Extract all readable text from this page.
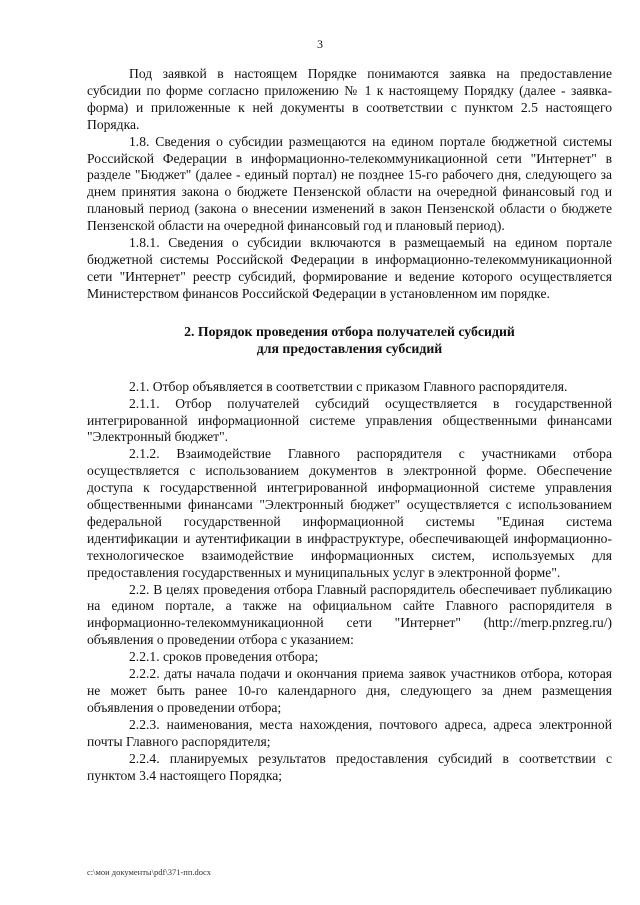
3

Под заявкой в настоящем Порядке понимаются заявка на предоставление субсидии по форме согласно приложению № 1 к настоящему Порядку (далее - заявка-форма) и приложенные к ней документы в соответствии с пунктом 2.5 настоящего Порядка.

1.8. Сведения о субсидии размещаются на едином портале бюджетной системы Российской Федерации в информационно-телекоммуникационной сети "Интернет" в разделе "Бюджет" (далее - единый портал) не позднее 15-го рабочего дня, следующего за днем принятия закона о бюджете Пензенской области на очередной финансовый год и плановый период (закона о внесении изменений в закон Пензенской области о бюджете Пензенской области на очередной финансовый год и плановый период).

1.8.1. Сведения о субсидии включаются в размещаемый на едином портале бюджетной системы Российской Федерации в информационно-телекоммуникационной сети "Интернет" реестр субсидий, формирование и ведение которого осуществляется Министерством финансов Российской Федерации в установленном им порядке.

2. Порядок проведения отбора получателей субсидий

для предоставления субсидий

2.1. Отбор объявляется в соответствии с приказом Главного распорядителя.

2.1.1. Отбор получателей субсидий осуществляется в государственной интегрированной информационной системе управления общественными финансами "Электронный бюджет".

2.1.2. Взаимодействие Главного распорядителя с участниками отбора осуществляется с использованием документов в электронной форме. Обеспечение доступа к государственной интегрированной информационной системе управления общественными финансами "Электронный бюджет" осуществляется с использованием федеральной государственной информационной системы "Единая система идентификации и аутентификации в инфраструктуре, обеспечивающей информационно-технологическое взаимодействие информационных систем, используемых для предоставления государственных и муниципальных услуг в электронной форме".

2.2. В целях проведения отбора Главный распорядитель обеспечивает публикацию на едином портале, а также на официальном сайте Главного распорядителя в информационно-телекоммуникационной сети "Интернет" (http://merp.pnzreg.ru/) объявления о проведении отбора с указанием:

2.2.1. сроков проведения отбора;

2.2.2. даты начала подачи и окончания приема заявок участников отбора, которая не может быть ранее 10-го календарного дня, следующего за днем размещения объявления о проведении отбора;

2.2.3. наименования, места нахождения, почтового адреса, адреса электронной почты Главного распорядителя;

2.2.4. планируемых результатов предоставления субсидий в соответствии с пунктом 3.4 настоящего Порядка;

c:\мои документы\pdf\371-пп.docx
